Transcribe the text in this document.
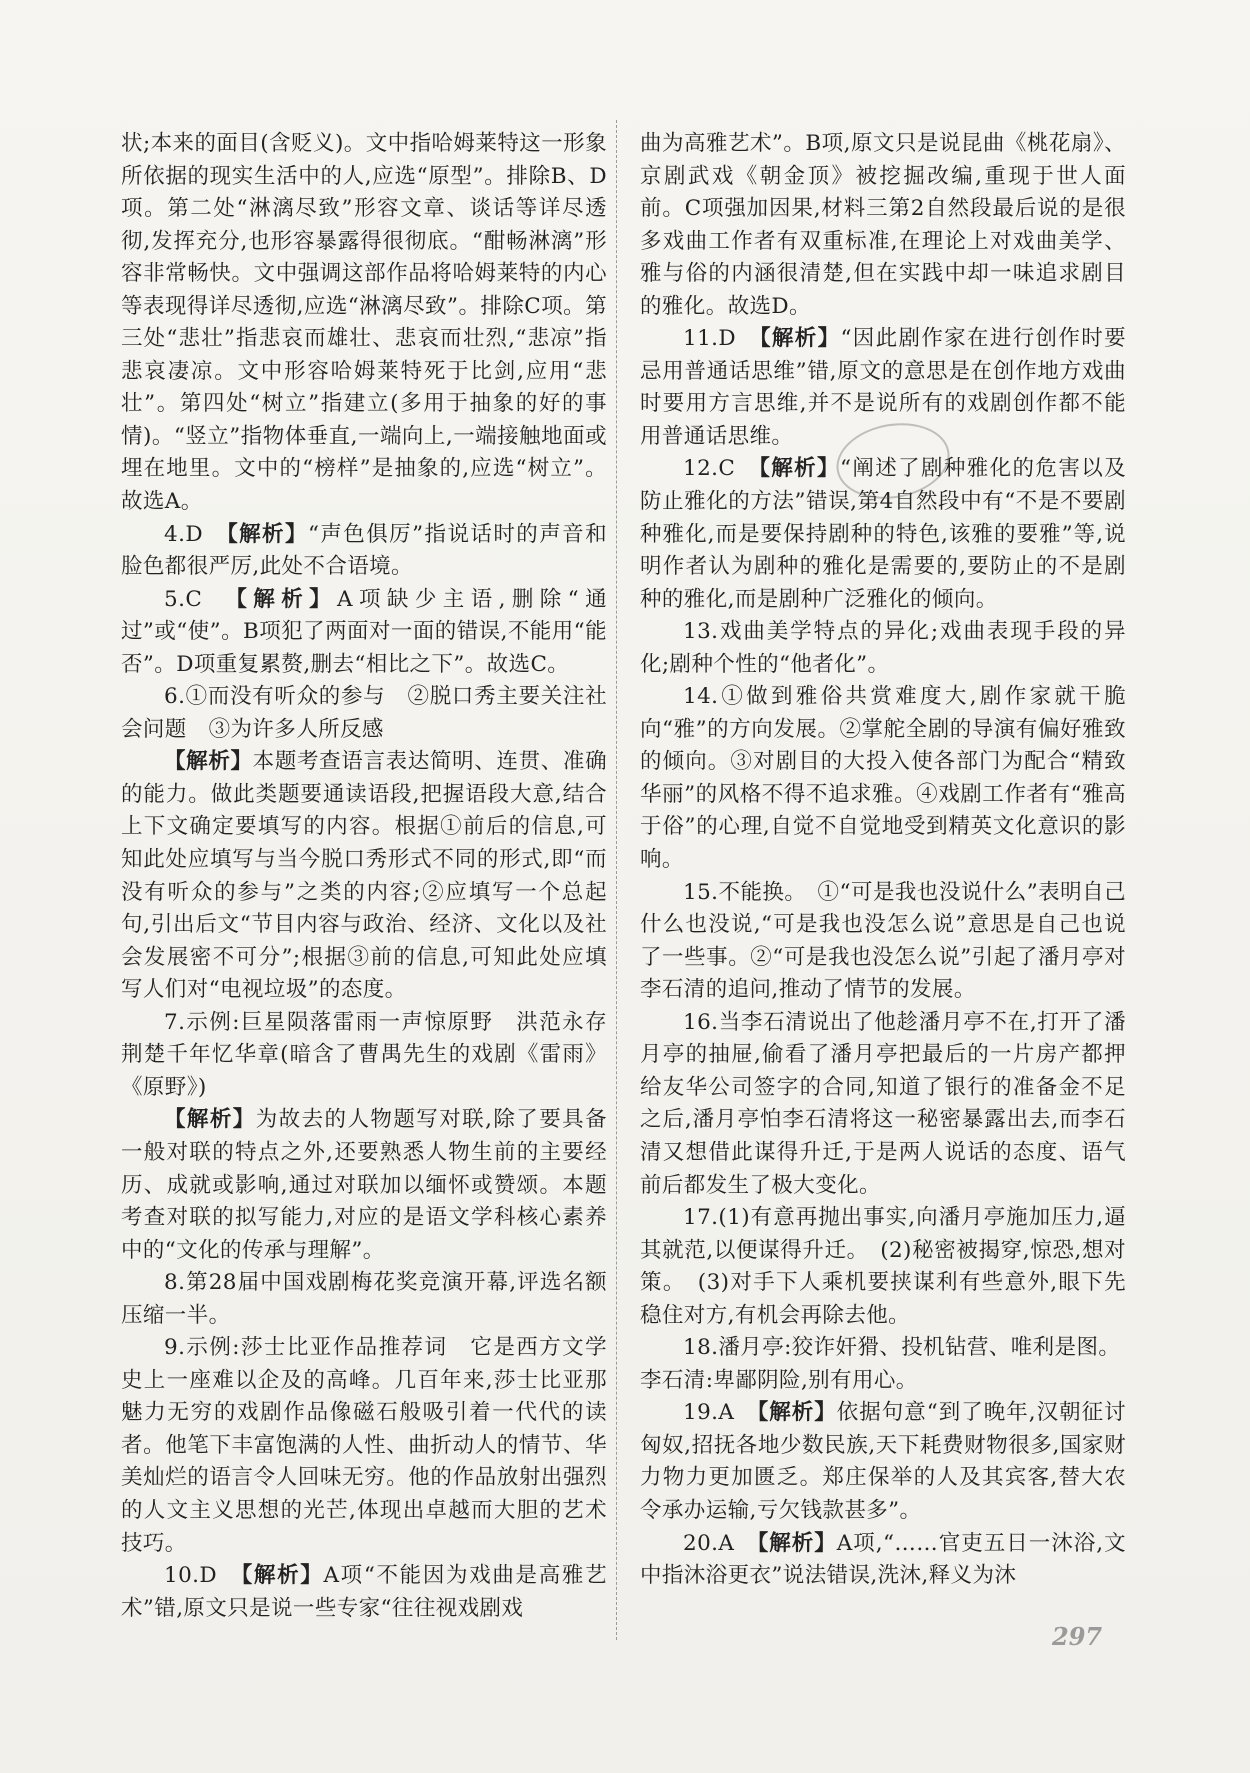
状;本来的面目(含贬义)。文中指哈姆莱特这一形象所依据的现实生活中的人,应选“原型”。排除B、D项。第二处“淋漓尽致”形容文章、谈话等详尽透彻,发挥充分,也形容暴露得很彻底。“酣畅淋漓”形容非常畅快。文中强调这部作品将哈姆莱特的内心等表现得详尽透彻,应选“淋漓尽致”。排除C项。第三处“悲壮”指悲哀而雄壮、悲哀而壮烈,“悲凉”指悲哀凄凉。文中形容哈姆莱特死于比剑,应用“悲壮”。第四处“树立”指建立(多用于抽象的好的事情)。“竖立”指物体垂直,一端向上,一端接触地面或埋在地里。文中的“榜样”是抽象的,应选“树立”。故选A。

4.D　 【解析】“声色俱厉”指说话时的声音和脸色都很严厉,此处不合语境。

5.C　 【解析】A项缺少主语,删除“通过”或“使”。B项犯了两面对一面的错误,不能用“能否”。D项重复累赘,删去“相比之下”。故选C。

6.①而没有听众的参与　②脱口秀主要关注社会问题　③为许多人所反感

【解析】本题考查语言表达简明、连贯、准确的能力。做此类题要通读语段,把握语段大意,结合上下文确定要填写的内容。根据①前后的信息,可知此处应填写与当今脱口秀形式不同的形式,即“而没有听众的参与”之类的内容;②应填写一个总起句,引出后文“节目内容与政治、经济、文化以及社会发展密不可分”;根据③前的信息,可知此处应填写人们对“电视垃圾”的态度。

7.示例:巨星陨落雷雨一声惊原野　洪范永存荆楚千年忆华章(暗含了曹禺先生的戏剧《雷雨》《原野》)

【解析】为故去的人物题写对联,除了要具备一般对联的特点之外,还要熟悉人物生前的主要经历、成就或影响,通过对联加以缅怀或赞颂。本题考查对联的拟写能力,对应的是语文学科核心素养中的“文化的传承与理解”。

8.第28届中国戏剧梅花奖竞演开幕,评选名额压缩一半。

9.示例:莎士比亚作品推荐词　它是西方文学史上一座难以企及的高峰。几百年来,莎士比亚那魅力无穷的戏剧作品像磁石般吸引着一代代的读者。他笔下丰富饱满的人性、曲折动人的情节、华美灿烂的语言令人回味无穷。他的作品放射出强烈的人文主义思想的光芒,体现出卓越而大胆的艺术技巧。

10.D　 【解析】A项“不能因为戏曲是高雅艺术”错,原文只是说一些专家“往往视戏剧戏

曲为高雅艺术”。B项,原文只是说昆曲《桃花扇》、京剧武戏《朝金顶》被挖掘改编,重现于世人面前。C项强加因果,材料三第2自然段最后说的是很多戏曲工作者有双重标准,在理论上对戏曲美学、雅与俗的内涵很清楚,但在实践中却一味追求剧目的雅化。故选D。

11.D　 【解析】“因此剧作家在进行创作时要忌用普通话思维”错,原文的意思是在创作地方戏曲时要用方言思维,并不是说所有的戏剧创作都不能用普通话思维。

12.C　 【解析】“阐述了剧种雅化的危害以及防止雅化的方法”错误,第4自然段中有“不是不要剧种雅化,而是要保持剧种的特色,该雅的要雅”等,说明作者认为剧种的雅化是需要的,要防止的不是剧种的雅化,而是剧种广泛雅化的倾向。

13.戏曲美学特点的异化;戏曲表现手段的异化;剧种个性的“他者化”。

14.①做到雅俗共赏难度大,剧作家就干脆向“雅”的方向发展。②掌舵全剧的导演有偏好雅致的倾向。③对剧目的大投入使各部门为配合“精致华丽”的风格不得不追求雅。④戏剧工作者有“雅高于俗”的心理,自觉不自觉地受到精英文化意识的影响。

15.不能换。　①“可是我也没说什么”表明自己什么也没说,“可是我也没怎么说”意思是自己也说了一些事。②“可是我也没怎么说”引起了潘月亭对李石清的追问,推动了情节的发展。

16.当李石清说出了他趁潘月亭不在,打开了潘月亭的抽屉,偷看了潘月亭把最后的一片房产都押给友华公司签字的合同,知道了银行的准备金不足之后,潘月亭怕李石清将这一秘密暴露出去,而李石清又想借此谋得升迁,于是两人说话的态度、语气前后都发生了极大变化。

17.(1)有意再抛出事实,向潘月亭施加压力,逼其就范,以便谋得升迁。　(2)秘密被揭穿,惊恐,想对策。　(3)对手下人乘机要挟谋利有些意外,眼下先稳住对方,有机会再除去他。

18.潘月亭:狡诈奸猾、投机钻营、唯利是图。

李石清:卑鄙阴险,别有用心。

19.A　 【解析】依据句意“到了晚年,汉朝征讨匈奴,招抚各地少数民族,天下耗费财物很多,国家财力物力更加匮乏。郑庄保举的人及其宾客,替大农令承办运输,亏欠钱款甚多”。

20.A　 【解析】A项,“……官吏五日一沐浴,文中指沐浴更衣”说法错误,洗沐,释义为沐

297
